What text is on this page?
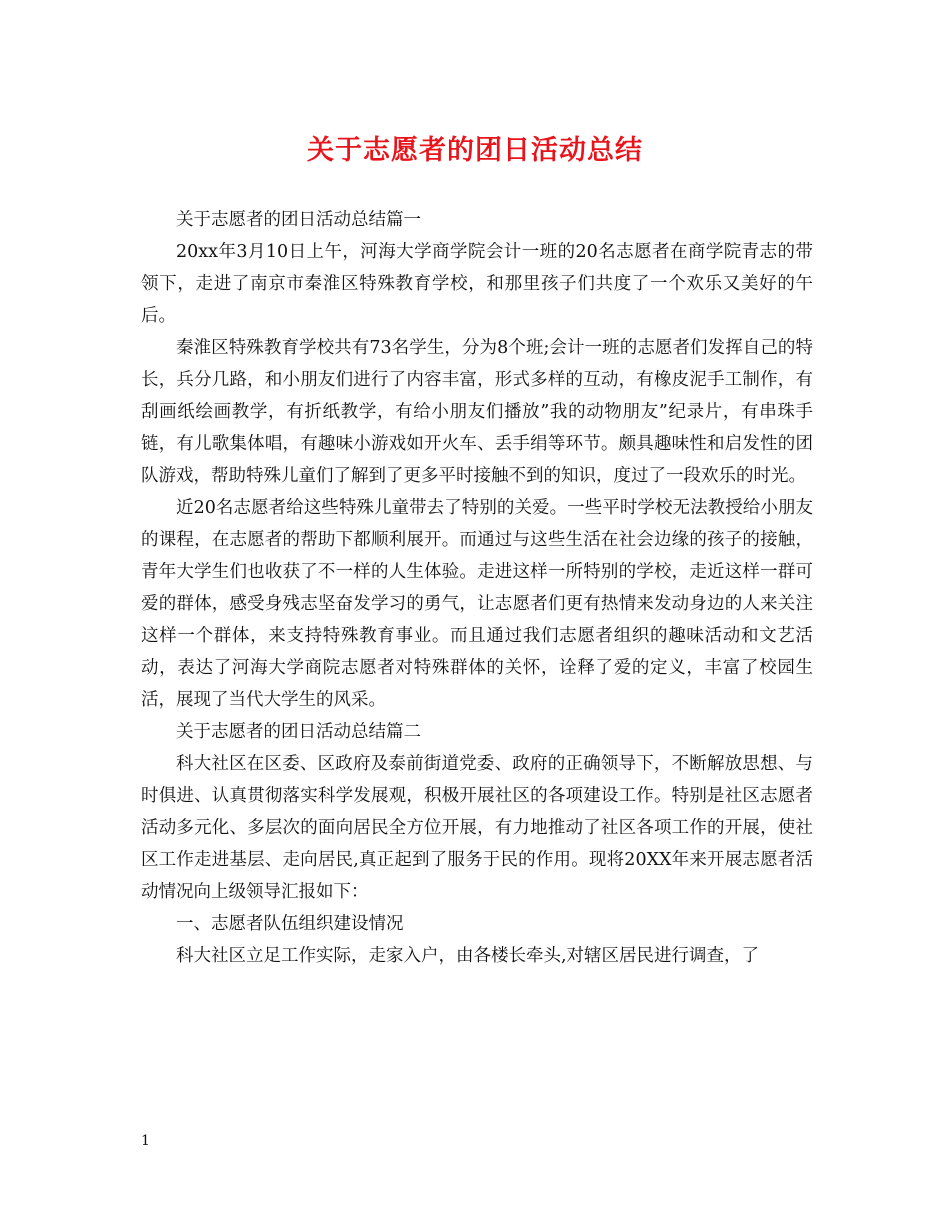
关于志愿者的团日活动总结

关于志愿者的团日活动总结篇一

20xx年3月10日上午，河海大学商学院会计一班的20名志愿者在商学院青志的带领下，走进了南京市秦淮区特殊教育学校，和那里孩子们共度了一个欢乐又美好的午后。

秦淮区特殊教育学校共有73名学生，分为8个班;会计一班的志愿者们发挥自己的特长，兵分几路，和小朋友们进行了内容丰富，形式多样的互动，有橡皮泥手工制作，有刮画纸绘画教学，有折纸教学，有给小朋友们播放”我的动物朋友”纪录片，有串珠手链，有儿歌集体唱，有趣味小游戏如开火车、丢手绢等环节。颇具趣味性和启发性的团队游戏，帮助特殊儿童们了解到了更多平时接触不到的知识，度过了一段欢乐的时光。

近20名志愿者给这些特殊儿童带去了特别的关爱。一些平时学校无法教授给小朋友的课程，在志愿者的帮助下都顺利展开。而通过与这些生活在社会边缘的孩子的接触，青年大学生们也收获了不一样的人生体验。走进这样一所特别的学校，走近这样一群可爱的群体，感受身残志坚奋发学习的勇气，让志愿者们更有热情来发动身边的人来关注这样一个群体，来支持特殊教育事业。而且通过我们志愿者组织的趣味活动和文艺活动，表达了河海大学商院志愿者对特殊群体的关怀，诠释了爱的定义，丰富了校园生活，展现了当代大学生的风采。

关于志愿者的团日活动总结篇二

科大社区在区委、区政府及泰前街道党委、政府的正确领导下，不断解放思想、与时俱进、认真贯彻落实科学发展观，积极开展社区的各项建设工作。特别是社区志愿者活动多元化、多层次的面向居民全方位开展，有力地推动了社区各项工作的开展，使社区工作走进基层、走向居民,真正起到了服务于民的作用。现将20XX年来开展志愿者活动情况向上级领导汇报如下：

一、志愿者队伍组织建设情况

科大社区立足工作实际，走家入户，由各楼长牵头,对辖区居民进行调查，了

1
